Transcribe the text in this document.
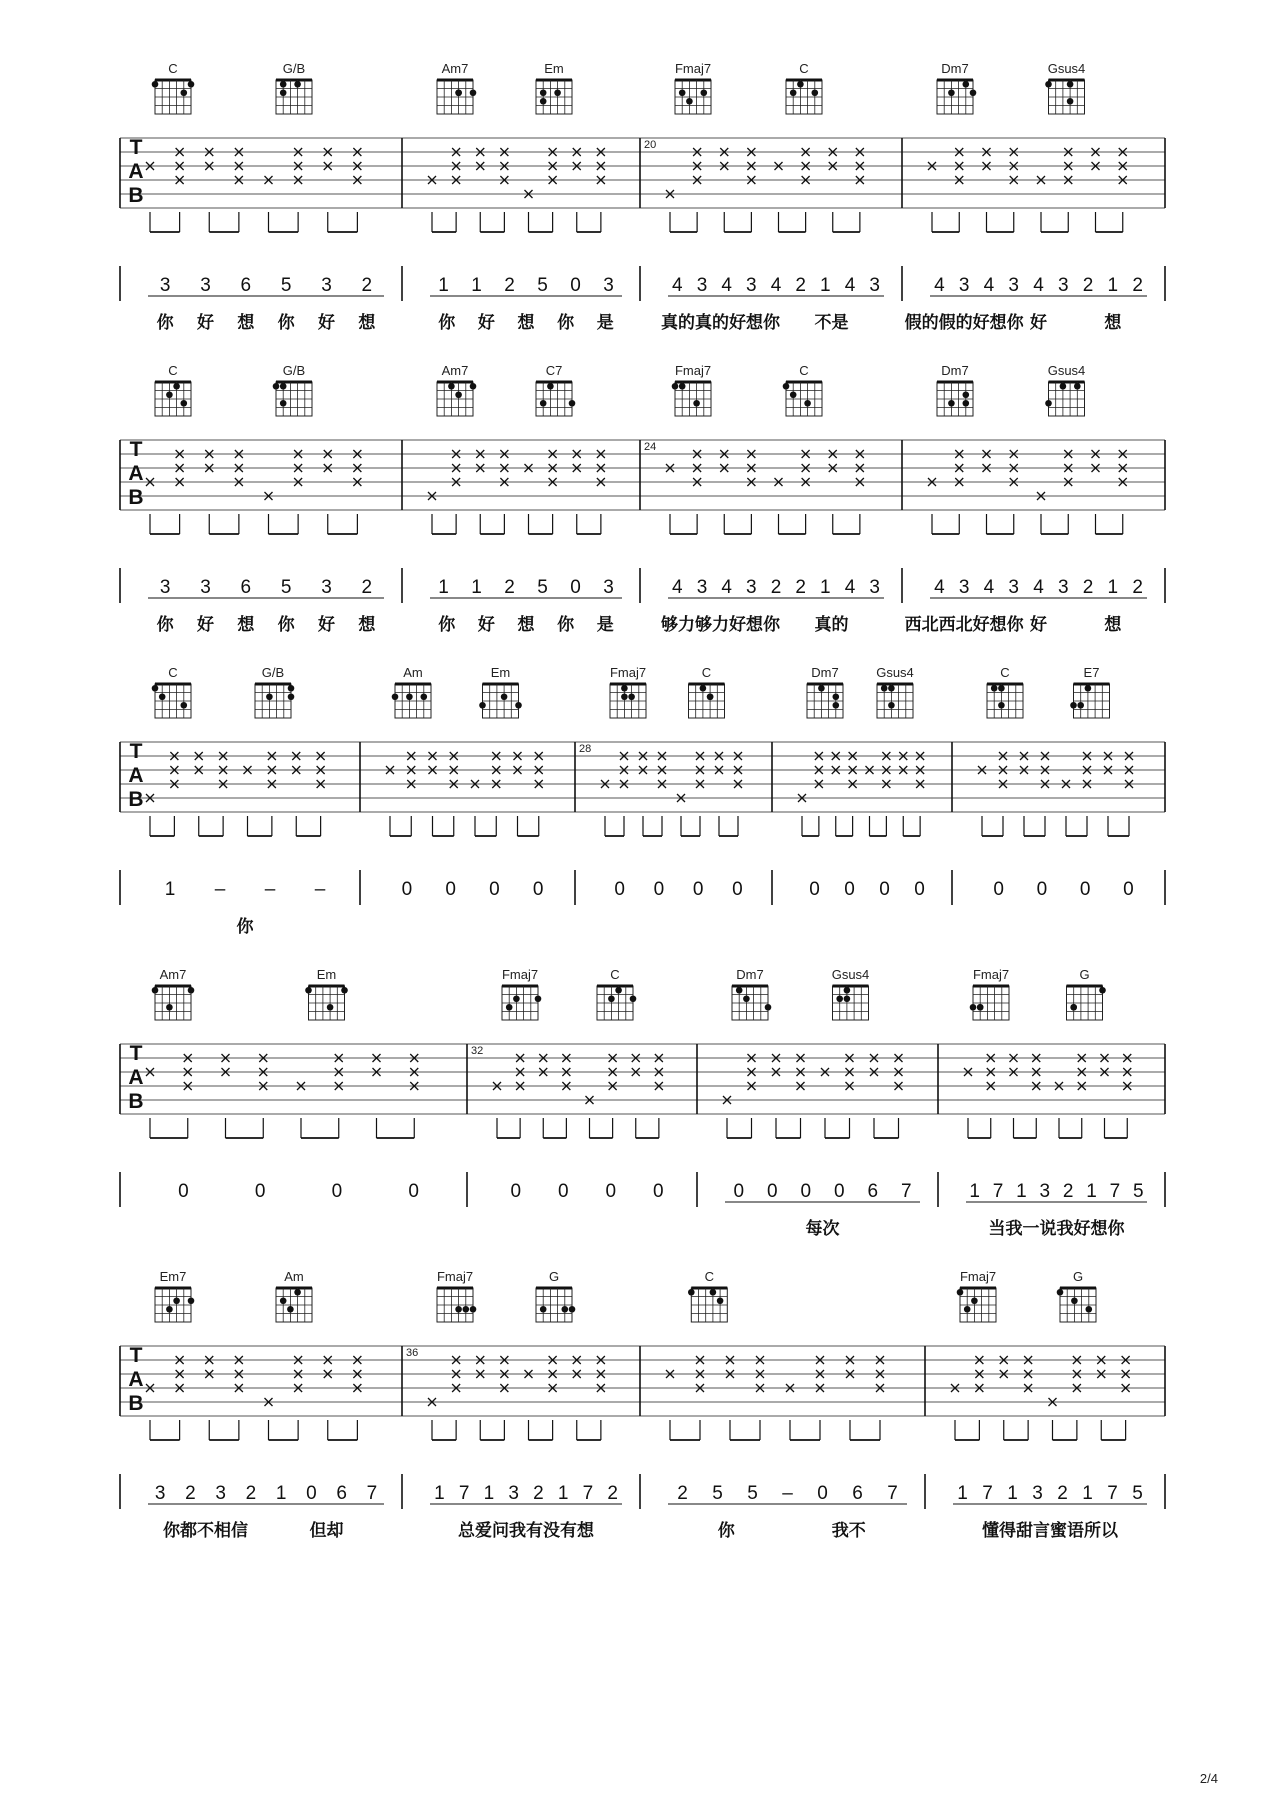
T
A
B
C	G/B
3 3 6 5 3 2
你 好 想 你 好 想
Am7	Em
1 1 2 5 0 3
你 好 想 你 是
20
Fmaj7	C
4 3 4 3 4 2 1 4 3
真的真的好想你 不是
Dm7	Gsus4
4 3 4 3 4 3 2 1 2
假的假的好想你 好	想
T
A
B
C	G/B
3 3 6 5 3 2
你 好 想 你 好 想
Am7	C7
1 1 2 5 0 3
你 好 想 你 是
24
Fmaj7	C
4 3 4 3 2 2 1 4 3
够力够力好想你 真的
Dm7	Gsus4
4 3 4 3 4 3 2 1 2
西北西北好想你 好	想
T
A
B
C	G/B
1 – – –
你
Am	Em
0 0 0 0
28
Fmaj7	C
0 0 0 0
Dm7	Gsus4
0 0 0 0
C	E7
0 0 0 0
T
A
B
Am7	Em
0	0	0	0
32
Fmaj7	C
0 0 0 0
Dm7	Gsus4
0 0 0 0 6 7
每次
Fmaj7	G
1 7 1 3 2 1 7 5
当我一说我好想你
T
A
B
Em7	Am
3 2 3 2 1 0 6 7
你都不相信	但却
36
Fmaj7	G
1 7 1 3 2 1 7 2
总爱问我有没有想
C
2 5 5 – 0 6 7
你	我不
Fmaj7	G
1 7 1 3 2 1 7 5
懂得甜言蜜语所以
2/4
